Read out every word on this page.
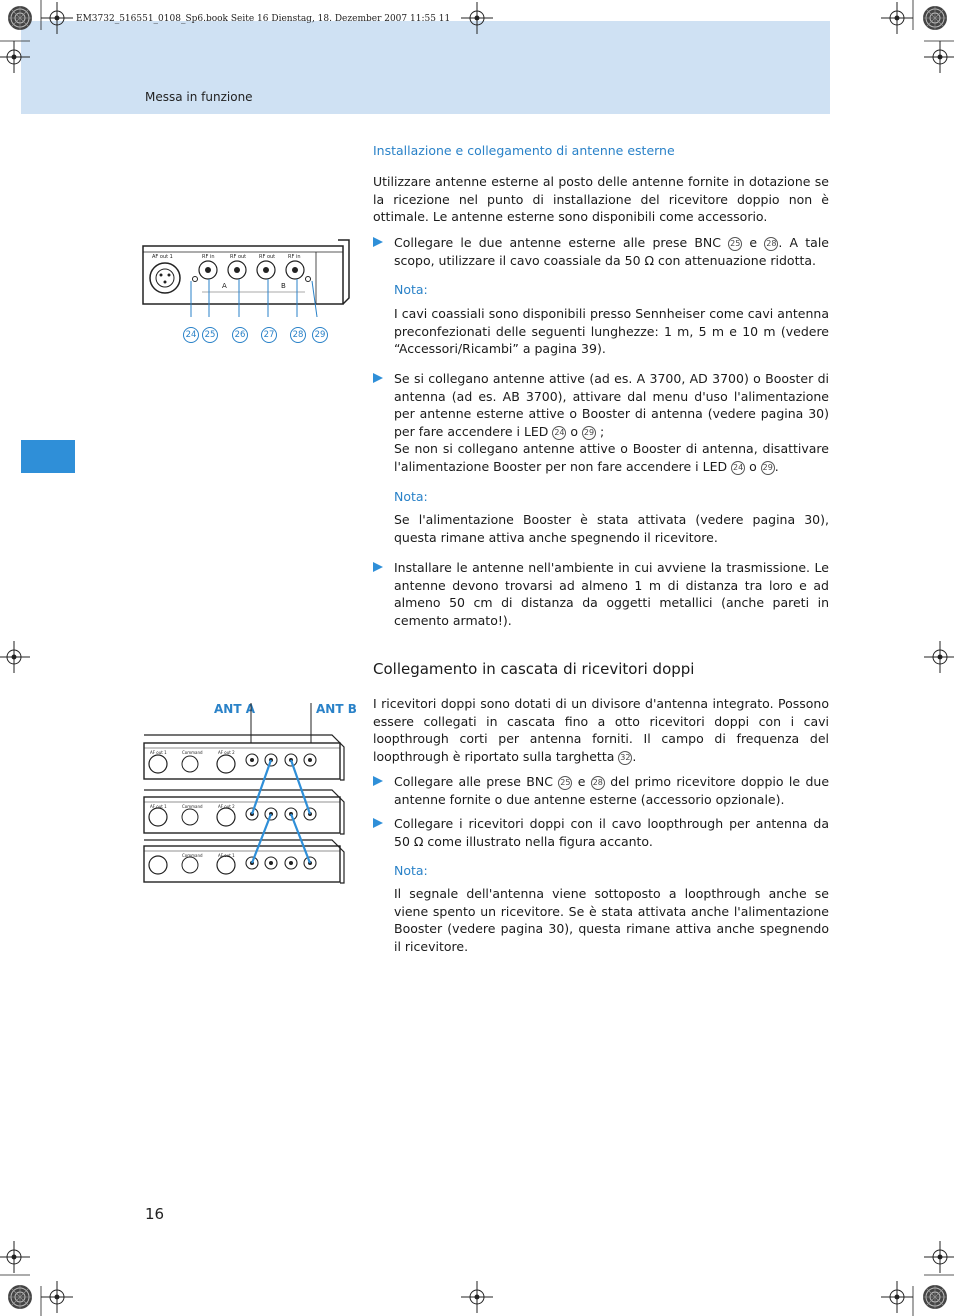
EM3732_516551_0108_Sp6.book Seite 16 Dienstag, 18. Dezember 2007 11:55 11
Messa in funzione
16
Installazione e collegamento di antenne esterne
Utilizzare antenne esterne al posto delle antenne fornite in dotazione se la ricezione nel punto di installazione del ricevitore doppio non è ottimale. Le antenne esterne sono disponibili come accessorio.
Collegare le due antenne esterne alle prese BNC 25 e 28 . A tale scopo, utilizzare il cavo coassiale da 50 Ω con attenuazione ridotta.
Nota:
I cavi coassiali sono disponibili presso Sennheiser come cavi antenna preconfezionati delle seguenti lunghezze: 1 m, 5 m e 10 m (vedere “Accessori/Ricambi” a pagina 39).
Se si collegano antenne attive (ad es. A 3700, AD 3700) o Booster di antenna (ad es. AB 3700), attivare dal menu d'uso l'alimentazione per antenne esterne attive o Booster di antenna (vedere pagina 30) per fare accendere i LED 24 o 29 ;
Se non si collegano antenne attive o Booster di antenna, disattivare l'alimentazione Booster per non fare accendere i LED 24 o 29 .
Nota:
Se l'alimentazione Booster è stata attivata (vedere pagina 30), questa rimane attiva anche spegnendo il ricevitore.
Installare le antenne nell'ambiente in cui avviene la trasmissione. Le antenne devono trovarsi ad almeno 1 m di distanza tra loro e ad almeno 50 cm di distanza da oggetti metallici (anche pareti in cemento armato!).
Collegamento in cascata di ricevitori doppi
I ricevitori doppi sono dotati di un divisore d'antenna integrato. Possono essere collegati in cascata fino a otto ricevitori doppi con i cavi loopthrough corti per antenna forniti. Il campo di frequenza del loopthrough è riportato sulla targhetta 32 .
Collegare alle prese BNC 25 e 28 del primo ricevitore doppio le due antenne fornite o due antenne esterne (accessorio opzionale).
Collegare i ricevitori doppi con il cavo loopthrough per antenna da 50 Ω come illustrato nella figura accanto.
Nota:
Il segnale dell'antenna viene sottoposto a loopthrough anche se viene spento un ricevitore. Se è stata attivata anche l'alimentazione Booster (vedere pagina 30), questa rimane attiva anche spegnendo il ricevitore.
AF out 1	RF in	RF out	RF out	RF in
A	B
24 25	26	27	28	29
ANT A	ANT B
AF out 1	Command	AF out 2
AF out 1	Command	AF out 2
Command	AF out 1
